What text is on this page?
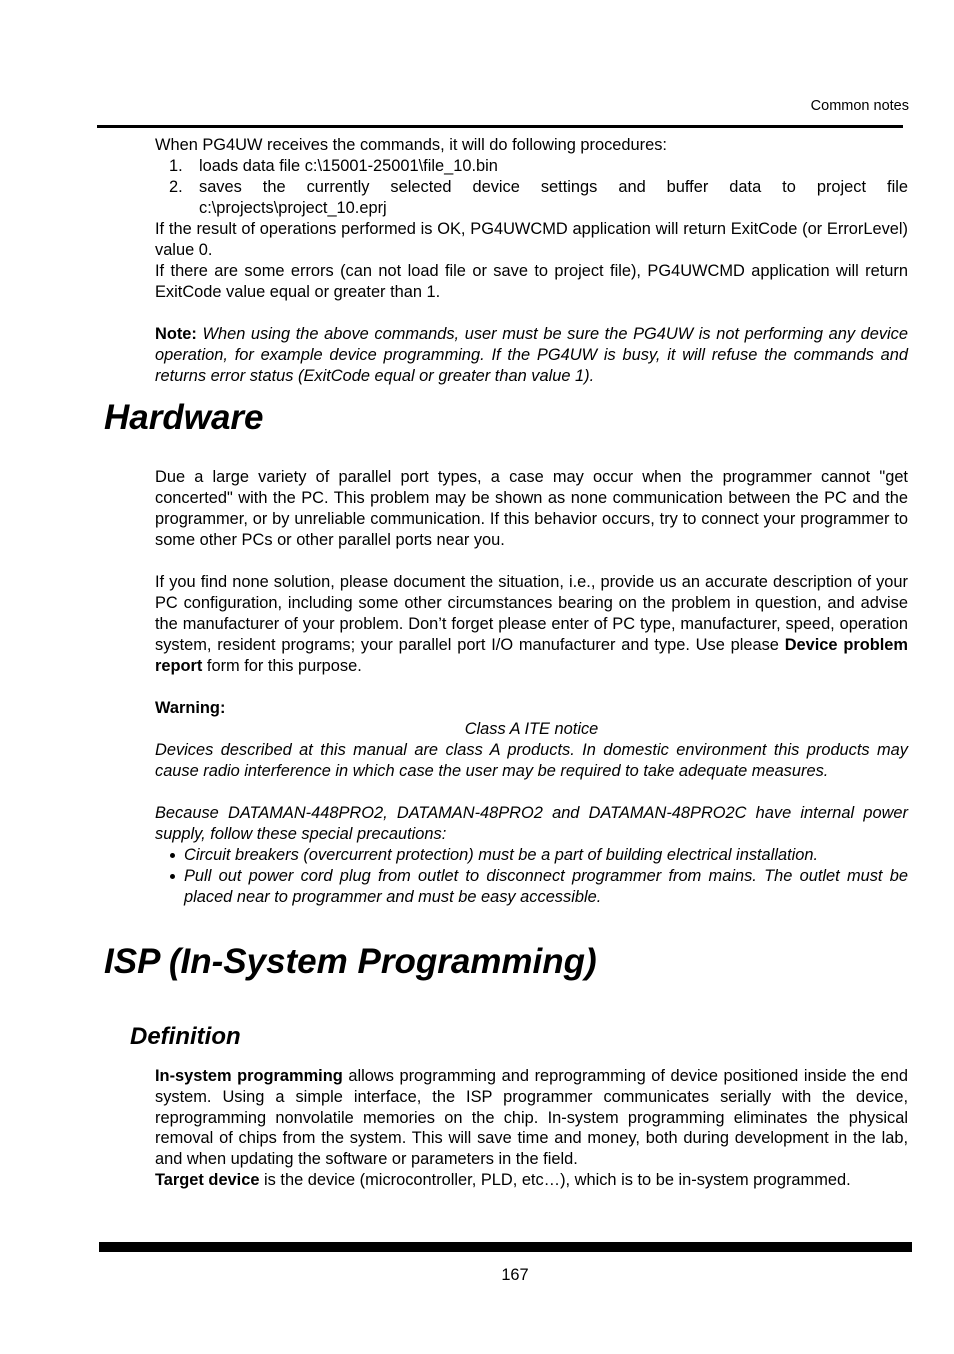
Common notes

When PG4UW receives the commands, it will do following procedures:

1. loads data file c:\15001-25001\file_10.bin
2. saves the currently selected device settings and buffer data to project file c:\projects\project_10.eprj

If the result of operations performed is OK, PG4UWCMD application will return ExitCode (or ErrorLevel) value 0.

If there are some errors (can not load file or save to project file), PG4UWCMD application will return ExitCode value equal or greater than 1.

Note: When using the above commands, user must be sure the PG4UW is not performing any device operation, for example device programming. If the PG4UW is busy, it will refuse the commands and returns error status (ExitCode equal or greater than value 1).

Hardware

Due a large variety of parallel port types, a case may occur when the programmer cannot "get concerted" with the PC. This problem may be shown as none communication between the PC and the programmer, or by unreliable communication. If this behavior occurs, try to connect your programmer to some other PCs or other parallel ports near you.

If you find none solution, please document the situation, i.e., provide us an accurate description of your PC configuration, including some other circumstances bearing on the problem in question, and advise the manufacturer of your problem. Don’t forget please enter of PC type, manufacturer, speed, operation system, resident programs; your parallel port I/O manufacturer and type. Use please Device problem report form for this purpose.

Warning:

Class A ITE notice

Devices described at this manual are class A products. In domestic environment this products may cause radio interference in which case the user may be required to take adequate measures.

Because DATAMAN-448PRO2, DATAMAN-48PRO2 and DATAMAN-48PRO2C have internal power supply, follow these special precautions:

Circuit breakers (overcurrent protection) must be a part of building electrical installation.
Pull out power cord plug from outlet to disconnect programmer from mains. The outlet must be placed near to programmer and must be easy accessible.
ISP (In-System Programming)
Definition

In-system programming allows programming and reprogramming of device positioned inside the end system. Using a simple interface, the ISP programmer communicates serially with the device, reprogramming nonvolatile memories on the chip. In-system programming eliminates the physical removal of chips from the system. This will save time and money, both during development in the lab, and when updating the software or parameters in the field.

Target device is the device (microcontroller, PLD, etc…), which is to be in-system programmed.

167
